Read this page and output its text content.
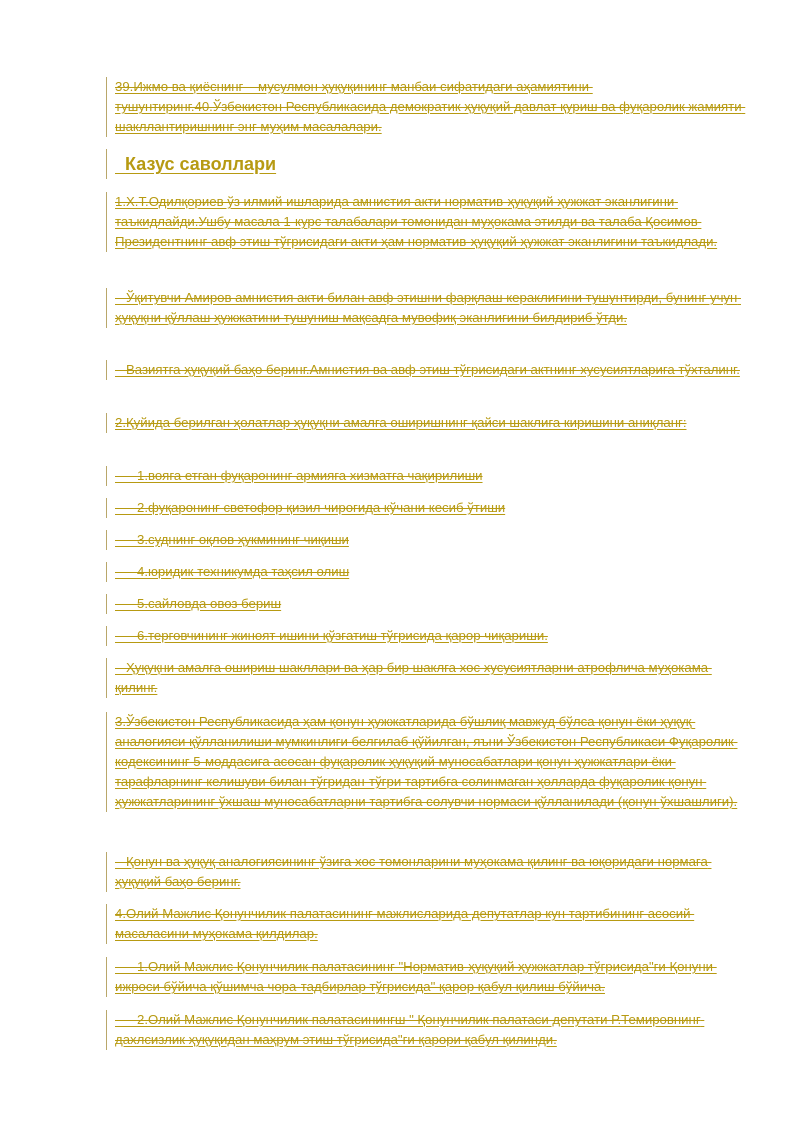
39.Ижмо ва қиёснинг – мусулмон ҳуқуқининг манбаи сифатидаги аҳамиятини тушунтиринг.40.Ўзбекистон Республикасида демократик ҳуқуқий давлат қуриш ва фуқаролик жамияти шакллантиришнинг энг муҳим масалалари.
Казус саволлари
1.Х.Т.Одилқориев ўз илмий ишларида амнистия акти норматив-ҳуқуқий ҳужжат эканлигини таъкидлайди.Ушбу масала 1-курс талабалари томонидан муҳокама этилди ва талаба Қосимов Президентнинг авф этиш тўғрисидаги акти ҳам норматив-ҳуқуқий ҳужжат эканлигини таъкидлади.
Ўқитувчи Амиров амнистия акти билан авф этишни фарқлаш кераклигини тушунтирди, бунинг учун ҳуқуқни қўллаш ҳужжатини тушуниш мақсадга мувофиқ эканлигини билдириб ўтди.
Вазиятга ҳуқуқий баҳо беринг.Амнистия ва авф этиш тўғрисидаги актнинг хусусиятларига тўхталинг.
2.Қуйида берилган ҳолатлар ҳуқуқни амалга оширишнинг қайси шаклига киришини аниқланг:
1.вояга етган фуқаронинг армияга хизматга чақирилиши
2.фуқаронинг светофор қизил чироғида кўчани кесиб ўтиши
3.суднинг оқлов ҳукмининг чиқиши
4.юридик техникумда таҳсил олиш
5.сайловда овоз бериш
6.терговчининг жиноят ишини қўзғатиш тўғрисида қарор чиқариши.
Ҳуқуқни амалга ошириш шакллари ва ҳар бир шаклга хос хусусиятларни атрофлича муҳокама қилинг.
3.Ўзбекистон Республикасида ҳам қонун ҳужжатларида бўшлиқ мавжуд бўлса қонун ёки ҳуқуқ аналогияси қўлланилиши мумкинлиги белгилаб қўйилган, яъни Ўзбекистон Республикаси Фуқаролик кодексининг 5-моддасига асосан фуқаролик ҳуқуқий муносабатлари қонун ҳужжатлари ёки тарафларнинг келишуви билан тўғридан-тўғри тартибга солинмаган ҳолларда фуқаролик қонун ҳужжатларининг ўхшаш муносабатларни тартибга солувчи нормаси қўлланилади (қонун ўхшашлиги).
Қонун ва ҳуқуқ аналогиясининг ўзига хос томонларини муҳокама қилинг ва юқоридаги нормага ҳуқуқий баҳо беринг.
4.Олий Мажлис Қонунчилик палатасининг мажлисларида депутатлар кун тартибининг асосий масаласини муҳокама қилдилар.
1.Олий Мажлис Қонунчилик палатасининг "Норматив-ҳуқуқий ҳужжатлар тўғрисида"ги Қонуни ижроси бўйича қўшимча чора-тадбирлар тўғрисида" қарор қабул қилиш бўйича.
2.Олий Мажлис Қонунчилик палатасинингш " Қонунчилик палатаси депутати Р.Темировнинг дахлсизлик ҳуқуқидан маҳрум этиш тўғрисида"ги қарори қабул қилинди.
